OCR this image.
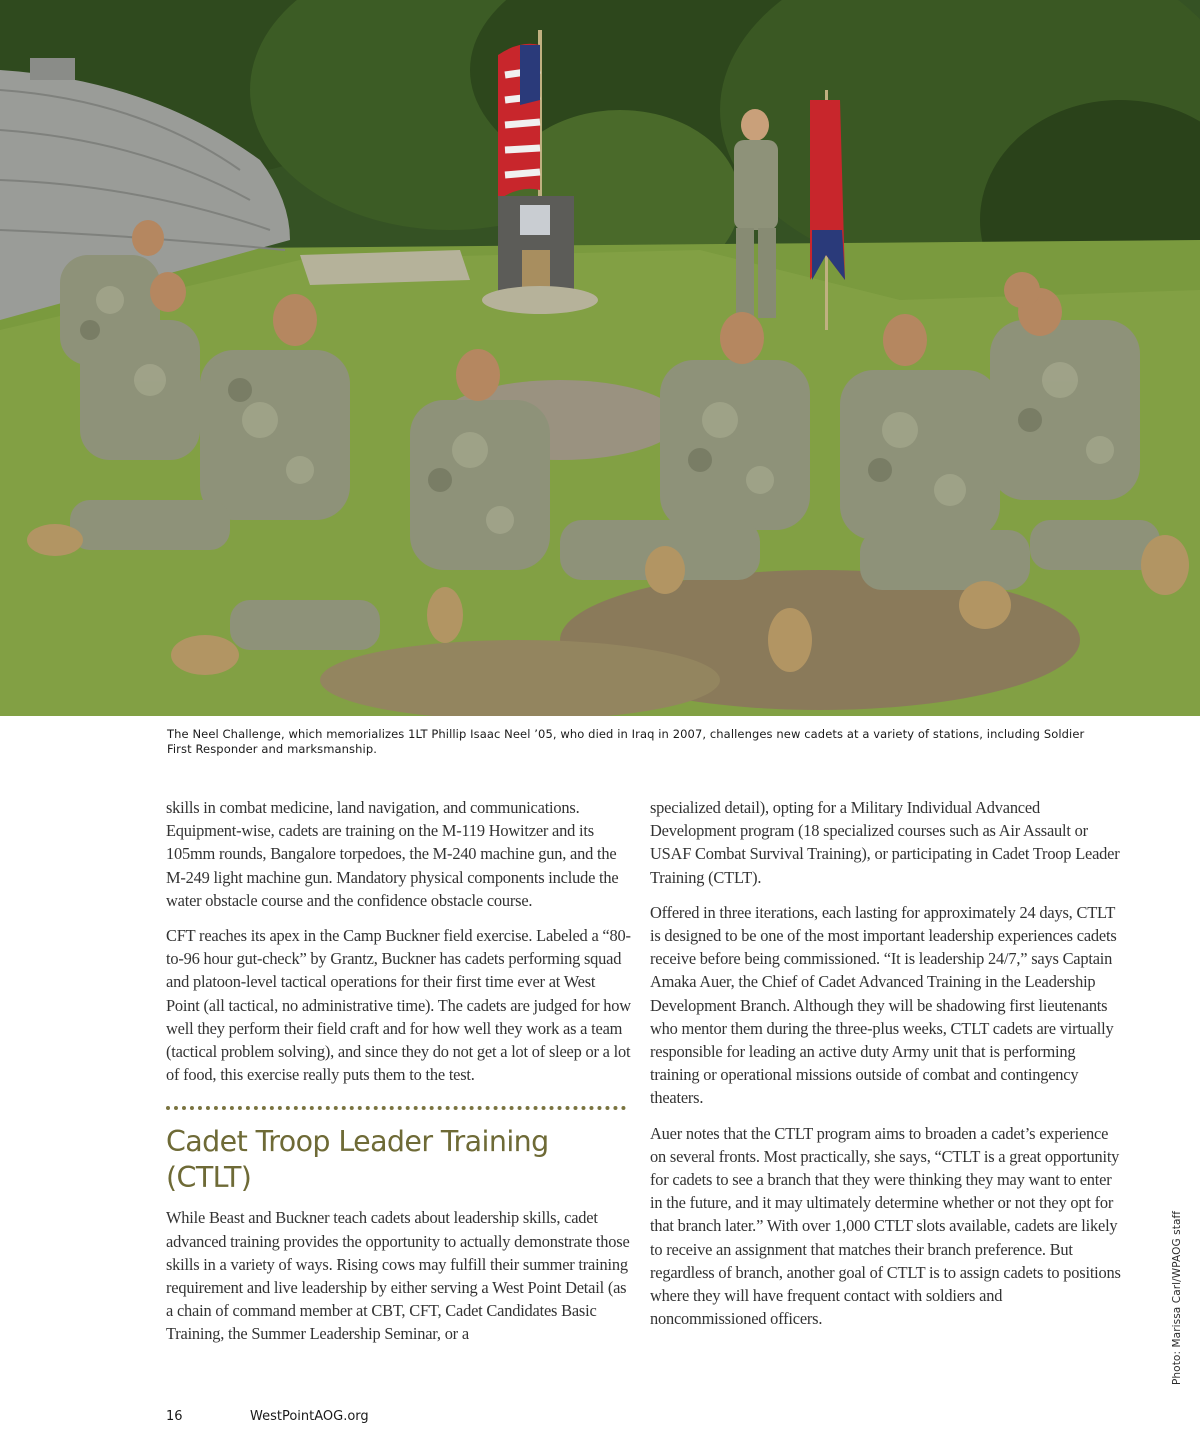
The Neel Challenge, which memorializes 1LT Phillip Isaac Neel ’05, who died in Iraq in 2007, challenges new cadets at a variety of stations, including Soldier First Responder and marksmanship.

skills in combat medicine, land navigation, and communications. Equipment-wise, cadets are training on the M-119 Howitzer and its 105mm rounds, Bangalore torpedoes, the M-240 machine gun, and the M-249 light machine gun. Mandatory physical components include the water obstacle course and the confidence obstacle course.

CFT reaches its apex in the Camp Buckner field exercise. Labeled a “80-to-96 hour gut-check” by Grantz, Buckner has cadets performing squad and platoon-level tactical operations for their first time ever at West Point (all tactical, no administrative time). The cadets are judged for how well they perform their field craft and for how well they work as a team (tactical problem solving), and since they do not get a lot of sleep or a lot of food, this exercise really puts them to the test.

Cadet Troop Leader Training (CTLT)

While Beast and Buckner teach cadets about leadership skills, cadet advanced training provides the opportunity to actually demonstrate those skills in a variety of ways. Rising cows may fulfill their summer training requirement and live leadership by either serving a West Point Detail (as a chain of command member at CBT, CFT, Cadet Candidates Basic Training, the Summer Leadership Seminar, or a

specialized detail), opting for a Military Individual Advanced Development program (18 specialized courses such as Air Assault or USAF Combat Survival Training), or participating in Cadet Troop Leader Training (CTLT).

Offered in three iterations, each lasting for approximately 24 days, CTLT is designed to be one of the most important leadership experiences cadets receive before being commissioned. “It is leadership 24/7,” says Captain Amaka Auer, the Chief of Cadet Advanced Training in the Leadership Development Branch. Although they will be shadowing first lieutenants who mentor them during the three-plus weeks, CTLT cadets are virtually responsible for leading an active duty Army unit that is performing training or operational missions outside of combat and contingency theaters.

Auer notes that the CTLT program aims to broaden a cadet’s experience on several fronts. Most practically, she says, “CTLT is a great opportunity for cadets to see a branch that they were thinking they may want to enter in the future, and it may ultimately determine whether or not they opt for that branch later.” With over 1,000 CTLT slots available, cadets are likely to receive an assignment that matches their branch preference. But regardless of branch, another goal of CTLT is to assign cadets to positions where they will have frequent contact with soldiers and noncommissioned officers.	Photo: Marissa Carl/WPAOG staff
16	WestPointAOG.org
